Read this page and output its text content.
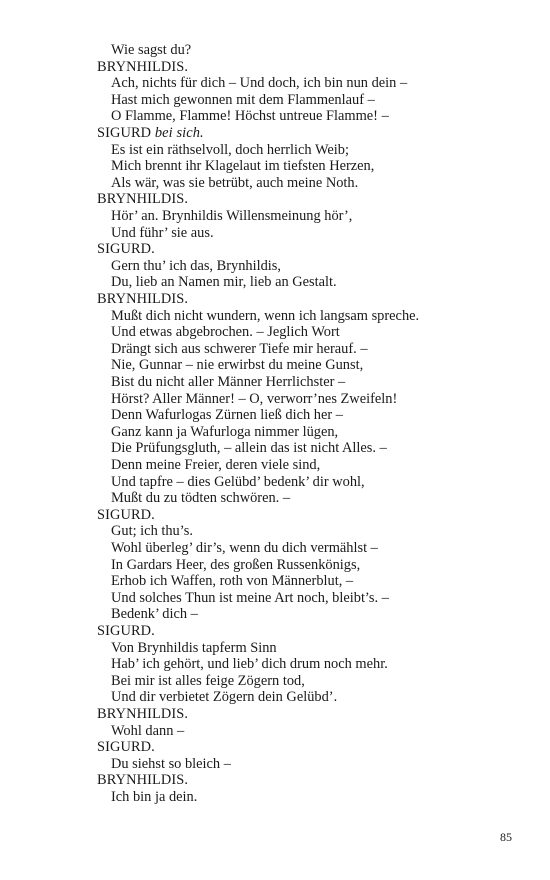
Wie sagst du?
BRYNHILDIS.
Ach, nichts für dich – Und doch, ich bin nun dein –
Hast mich gewonnen mit dem Flammenlauf –
O Flamme, Flamme! Höchst untreue Flamme! –
SIGURD bei sich.
Es ist ein räthselvoll, doch herrlich Weib;
Mich brennt ihr Klagelaut im tiefsten Herzen,
Als wär, was sie betrübt, auch meine Noth.
BRYNHILDIS.
Hör’ an. Brynhildis Willensmeinung hör’,
Und führ’ sie aus.
SIGURD.
Gern thu’ ich das, Brynhildis,
Du, lieb an Namen mir, lieb an Gestalt.
BRYNHILDIS.
Mußt dich nicht wundern, wenn ich langsam spreche.
Und etwas abgebrochen. – Jeglich Wort
Drängt sich aus schwerer Tiefe mir herauf. –
Nie, Gunnar – nie erwirbst du meine Gunst,
Bist du nicht aller Männer Herrlichster –
Hörst? Aller Männer! – O, verworr’nes Zweifeln!
Denn Wafurlogas Zürnen ließ dich her –
Ganz kann ja Wafurloga nimmer lügen,
Die Prüfungsgluth, – allein das ist nicht Alles. –
Denn meine Freier, deren viele sind,
Und tapfre – dies Gelübd’ bedenk’ dir wohl,
Mußt du zu tödten schwören. –
SIGURD.
Gut; ich thu’s.
Wohl überleg’ dir’s, wenn du dich vermählst –
In Gardars Heer, des großen Russenkönigs,
Erhob ich Waffen, roth von Männerblut, –
Und solches Thun ist meine Art noch, bleibt’s. –
Bedenk’ dich –
SIGURD.
Von Brynhildis tapferm Sinn
Hab’ ich gehört, und lieb’ dich drum noch mehr.
Bei mir ist alles feige Zögern tod,
Und dir verbietet Zögern dein Gelübd’.
BRYNHILDIS.
Wohl dann –
SIGURD.
Du siehst so bleich –
BRYNHILDIS.
Ich bin ja dein.
85
